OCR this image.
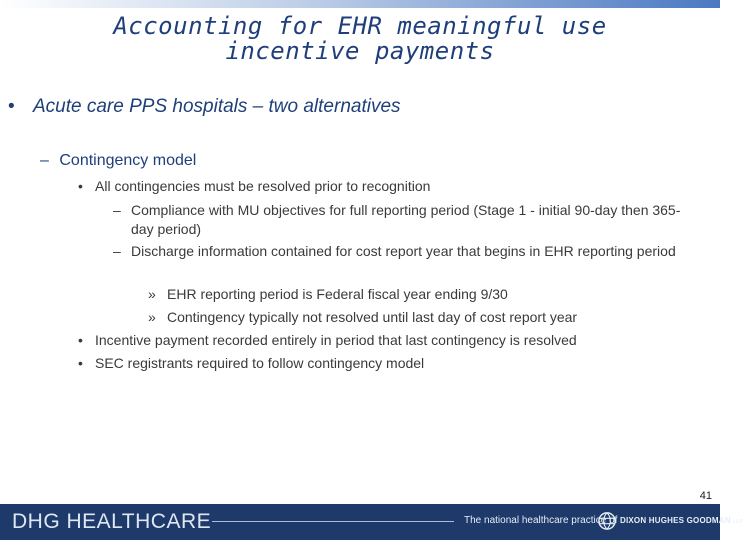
Accounting for EHR meaningful use incentive payments
• Acute care PPS hospitals – two alternatives
– Contingency model
• All contingencies must be resolved prior to recognition
– Compliance with MU objectives for full reporting period (Stage 1 - initial 90-day then 365-day period)
– Discharge information contained for cost report year that begins in EHR reporting period
» EHR reporting period is Federal fiscal year ending 9/30
» Contingency typically not resolved until last day of cost report year
• Incentive payment recorded entirely in period that last contingency is resolved
• SEC registrants required to follow contingency model
41
DHG HEALTHCARE	The national healthcare practice of DIXON HUGHES GOODMAN LLP
